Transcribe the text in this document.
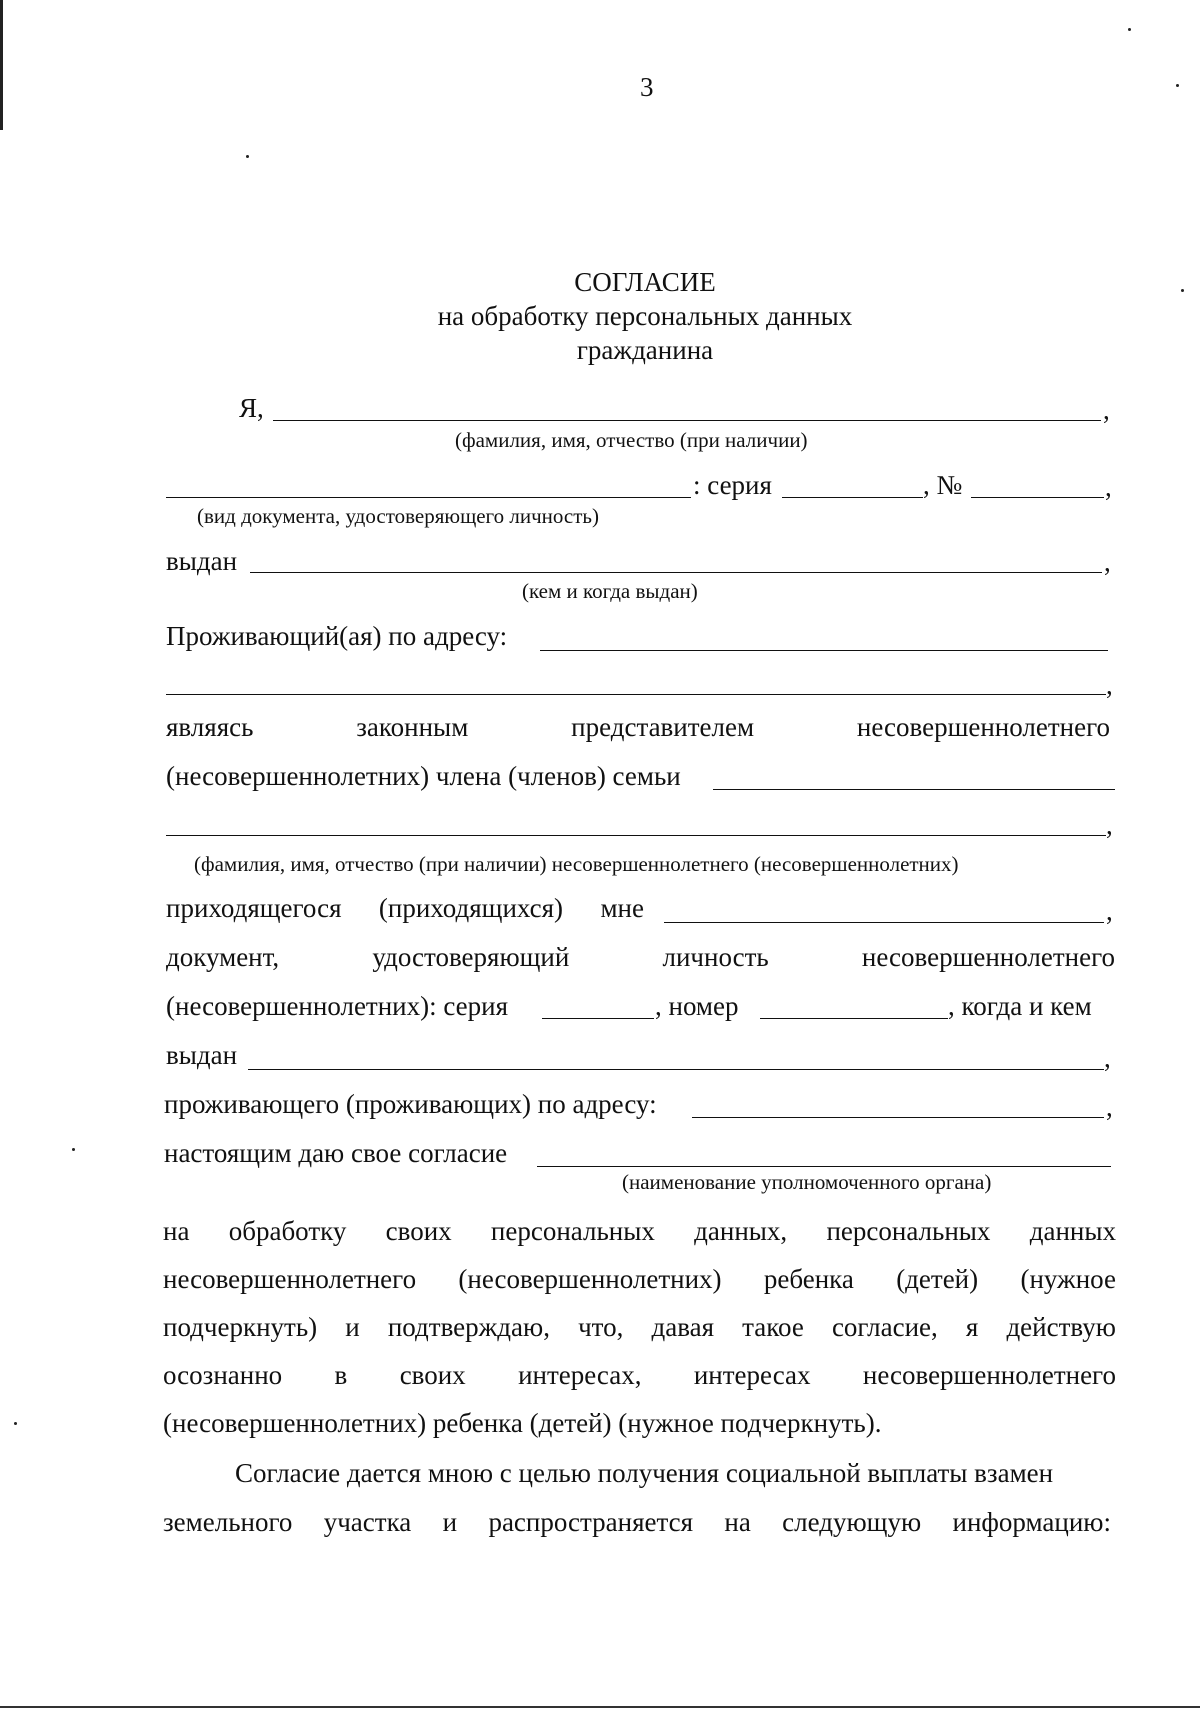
3
СОГЛАСИЕ
на обработку персональных данных
гражданина
Я,	,
(фамилия, имя, отчество (при наличии)
: серия	, №	,
(вид документа, удостоверяющего личность)
выдан	,
(кем и когда выдан)
Проживающий(ая) по адресу:
,
являясь	законным	представителем	несовершеннолетнего
(несовершеннолетних) члена (членов) семьи
,
(фамилия, имя, отчество (при наличии) несовершеннолетнего (несовершеннолетних)
приходящегося (приходящихся) мне	,
документ,	удостоверяющий	личность	несовершеннолетнего
(несовершеннолетних): серия	, номер	, когда и кем
выдан	,
проживающего (проживающих) по адресу:	,
настоящим даю свое согласие
(наименование уполномоченного органа)
на обработку своих персональных данных, персональных данных
несовершеннолетнего (несовершеннолетних) ребенка (детей) (нужное
подчеркнуть) и подтверждаю, что, давая такое согласие, я действую
осознанно в своих интересах, интересах несовершеннолетнего
(несовершеннолетних) ребенка (детей) (нужное подчеркнуть).
Согласие дается мною с целью получения социальной выплаты взамен
земельного участка и распространяется на следующую информацию:
